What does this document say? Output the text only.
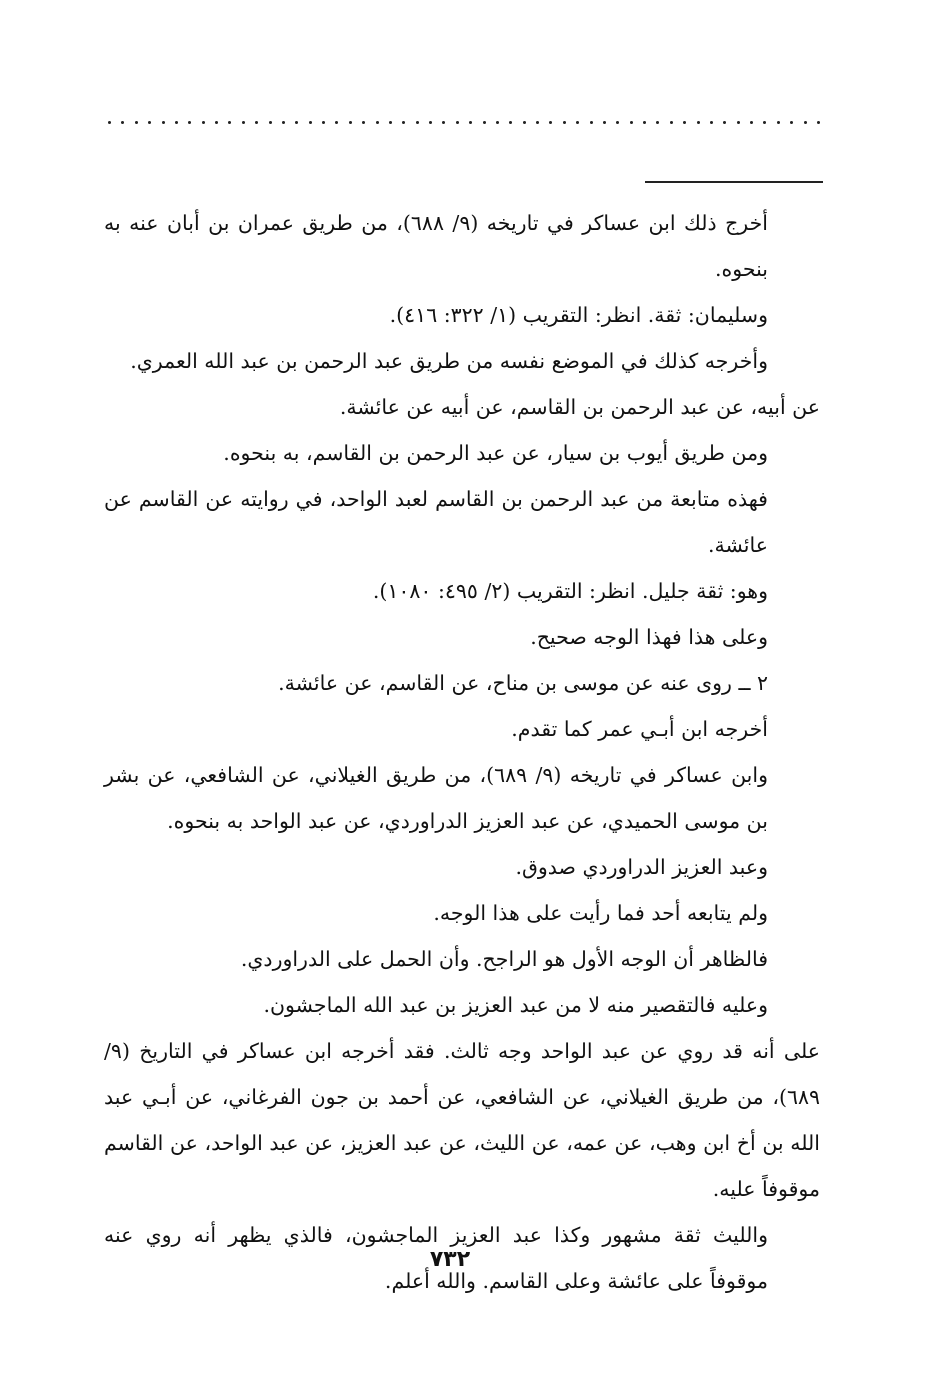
أخرج ذلك ابن عساكر في تاريخه (٩/ ٦٨٨)، من طريق عمران بن أبان عنه به بنحوه.

وسليمان: ثقة. انظر: التقريب (١/ ٣٢٢: ٤١٦).

وأخرجه كذلك في الموضع نفسه من طريق عبد الرحمن بن عبد الله العمري.

عن أبيه، عن عبد الرحمن بن القاسم، عن أبيه عن عائشة.

ومن طريق أيوب بن سيار، عن عبد الرحمن بن القاسم، به بنحوه.

فهذه متابعة من عبد الرحمن بن القاسم لعبد الواحد، في روايته عن القاسم عن عائشة.

وهو: ثقة جليل. انظر: التقريب (٢/ ٤٩٥: ١٠٨٠).

وعلى هذا فهذا الوجه صحيح.

٢ ــ روى عنه عن موسى بن مناح، عن القاسم، عن عائشة.

أخرجه ابن أبـي عمر كما تقدم.

وابن عساكر في تاريخه (٩/ ٦٨٩)، من طريق الغيلاني، عن الشافعي، عن بشر بن موسى الحميدي، عن عبد العزيز الدراوردي، عن عبد الواحد به بنحوه.

وعبد العزيز الدراوردي صدوق.

ولم يتابعه أحد فما رأيت على هذا الوجه.

فالظاهر أن الوجه الأول هو الراجح. وأن الحمل على الدراوردي.

وعليه فالتقصير منه لا من عبد العزيز بن عبد الله الماجشون.

على أنه قد روي عن عبد الواحد وجه ثالث. فقد أخرجه ابن عساكر في التاريخ (٩/ ٦٨٩)، من طريق الغيلاني، عن الشافعي، عن أحمد بن جون الفرغاني، عن أبـي عبد الله بن أخ ابن وهب، عن عمه، عن الليث، عن عبد العزيز، عن عبد الواحد، عن القاسم موقوفاً عليه.

والليث ثقة مشهور وكذا عبد العزيز الماجشون، فالذي يظهر أنه روي عنه موقوفاً على عائشة وعلى القاسم. والله أعلم.

٧٣٢
